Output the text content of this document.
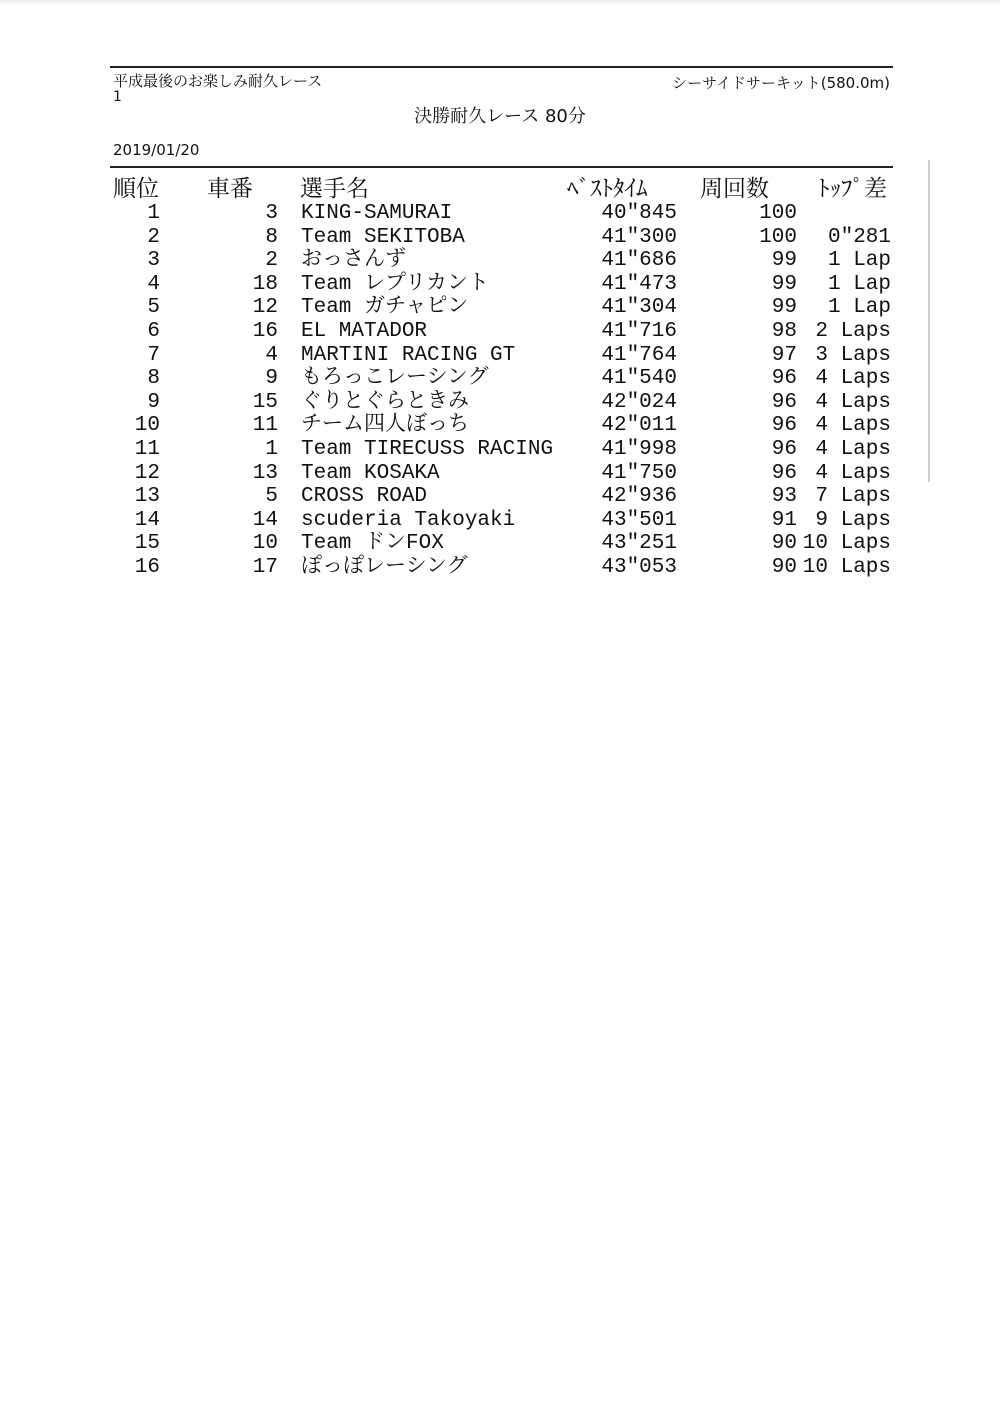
平成最後のお楽しみ耐久レース
1
シーサイドサーキット(580.0m)
決勝耐久レース 80分
2019/01/20
順位 車番 選手名	ﾍﾞｽﾄﾀｲﾑ 周回数 ﾄｯﾌﾟ差
1	3 KING-SAMURAI	40″845	100
2	8 Team SEKITOBA	41″300	100 0″281
3	2 おっさんず	41″686	99 1 Lap
4	18 Team レプリカント	41″473	99 1 Lap
5	12 Team ガチャピン	41″304	99 1 Lap
6	16 EL MATADOR	41″716	98 2 Laps
7	4 MARTINI RACING GT	41″764	97 3 Laps
8	9 もろっこレーシング	41″540	96 4 Laps
9	15 ぐりとぐらときみ	42″024	96 4 Laps
10	11 チーム四人ぼっち	42″011	96 4 Laps
11	1 Team TIRECUSS RACING 41″998	96 4 Laps
12	13 Team KOSAKA	41″750	96 4 Laps
13	5 CROSS ROAD	42″936	93 7 Laps
14	14 scuderia Takoyaki	43″501	91 9 Laps
15	10 Team ドンFOX	43″251	90 10 Laps
16	17 ぽっぽレーシング	43″053	90 10 Laps
